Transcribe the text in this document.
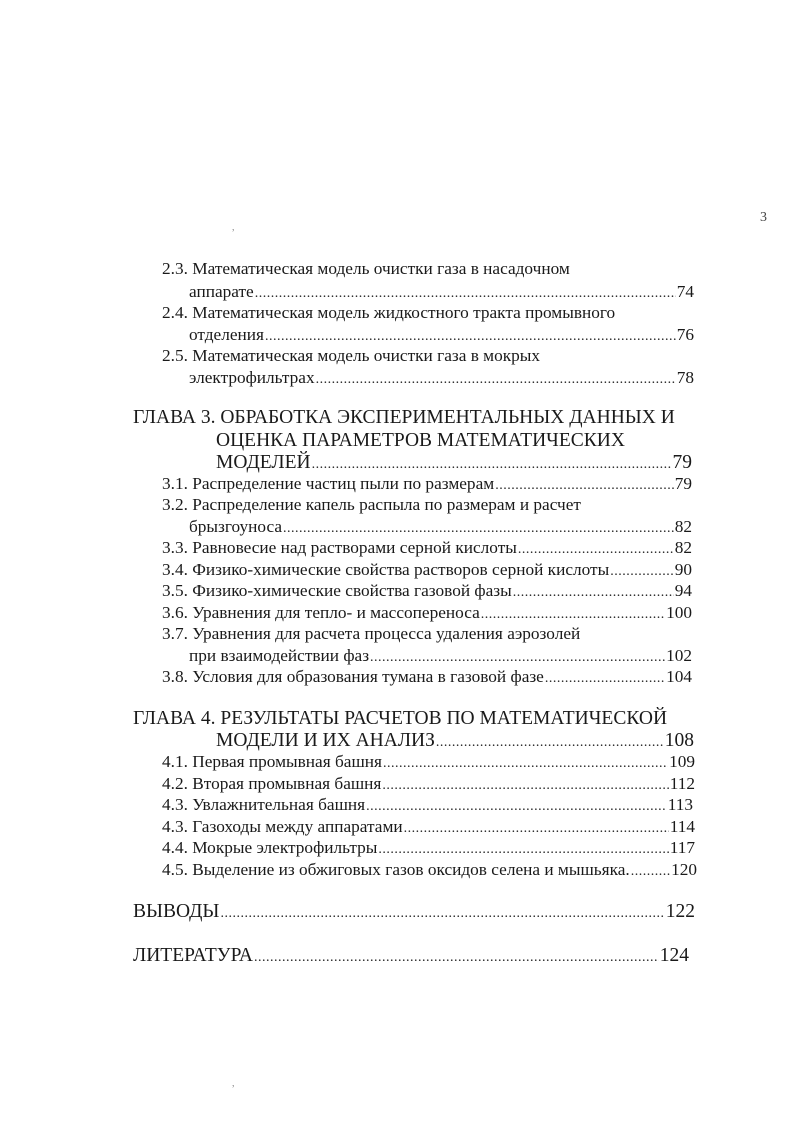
3
,
,
2.3. Математическая модель очистки газа в насадочном
аппарате .....	74
2.4. Математическая модель жидкостного тракта промывного
отделения .....	76
2.5. Математическая модель очистки газа в мокрых
электрофильтрах .....	78
ГЛАВА 3. ОБРАБОТКА ЭКСПЕРИМЕНТАЛЬНЫХ ДАННЫХ И
ОЦЕНКА ПАРАМЕТРОВ МАТЕМАТИЧЕСКИХ
МОДЕЛЕЙ .....	79
3.1. Распределение частиц пыли по размерам .....	79
3.2. Распределение капель распыла по размерам и расчет
брызгоуноса .....	82
3.3. Равновесие над растворами серной кислоты .....	82
3.4. Физико-химические свойства растворов серной кислоты .....	90
3.5. Физико-химические свойства газовой фазы .....	94
3.6. Уравнения для тепло- и массопереноса .....	100
3.7. Уравнения для расчета процесса удаления аэрозолей
при взаимодействии фаз .....	102
3.8. Условия для образования тумана в газовой фазе .....	104
ГЛАВА 4. РЕЗУЛЬТАТЫ РАСЧЕТОВ ПО МАТЕМАТИЧЕСКОЙ
МОДЕЛИ И ИХ АНАЛИЗ .....	108
4.1. Первая промывная башня .....	109
4.2. Вторая промывная башня .....	112
4.3. Увлажнительная башня .....	113
4.3. Газоходы между аппаратами .....	114
4.4. Мокрые электрофильтры .....	117
4.5. Выделение из обжиговых газов оксидов селена и мышьяка. ..... 120
ВЫВОДЫ .....	122
ЛИТЕРАТУРА .....	124
